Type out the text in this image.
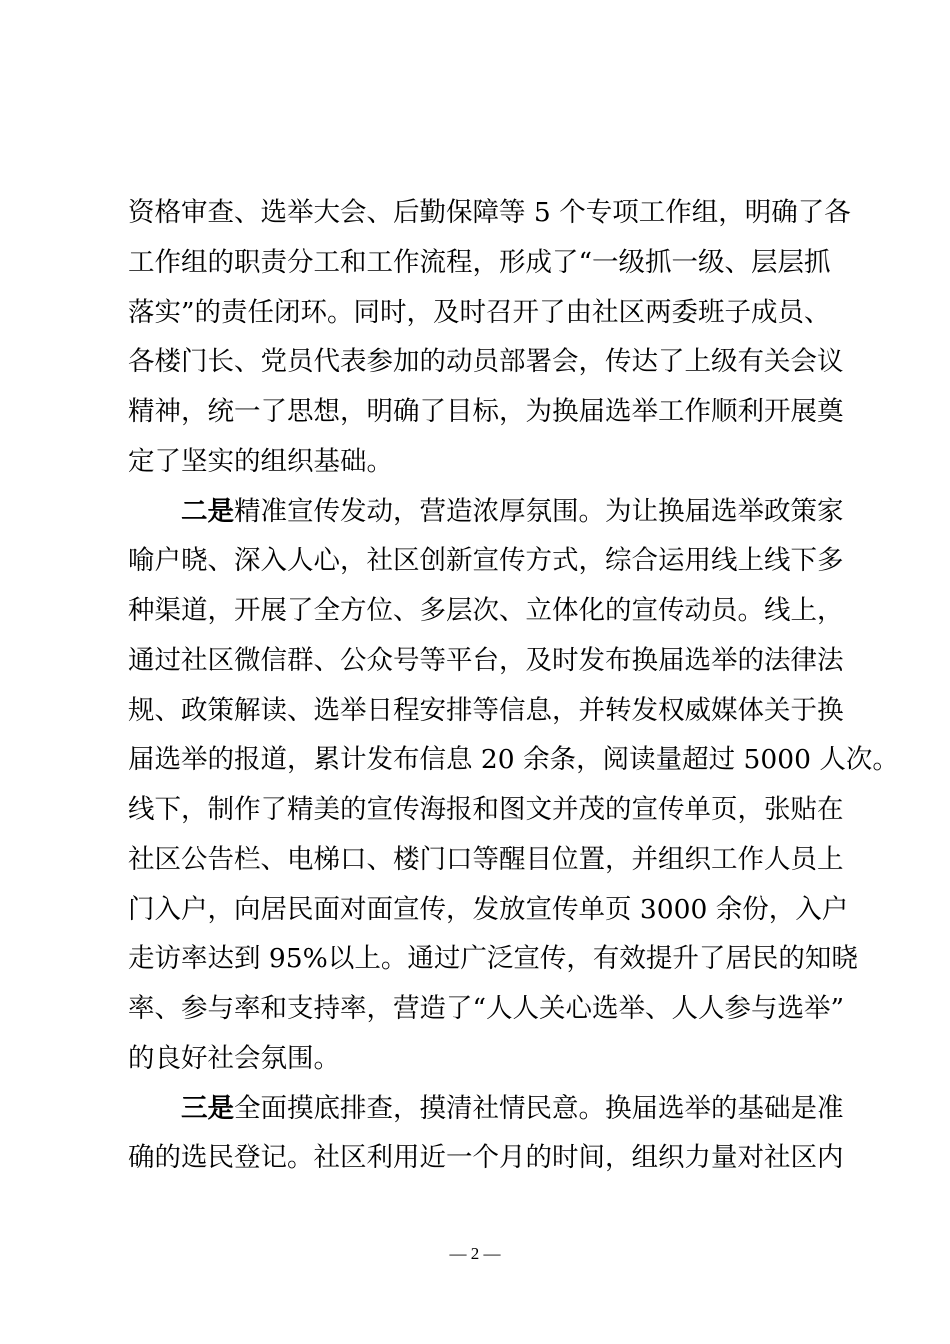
资格审查、选举大会、后勤保障等 5 个专项工作组，明确了各
工作组的职责分工和工作流程，形成了“一级抓一级、层层抓
落实”的责任闭环。同时，及时召开了由社区两委班子成员、
各楼门长、党员代表参加的动员部署会，传达了上级有关会议
精神，统一了思想，明确了目标，为换届选举工作顺利开展奠
定了坚实的组织基础。
二是精准宣传发动，营造浓厚氛围。为让换届选举政策家
喻户晓、深入人心，社区创新宣传方式，综合运用线上线下多
种渠道，开展了全方位、多层次、立体化的宣传动员。线上，
通过社区微信群、公众号等平台，及时发布换届选举的法律法
规、政策解读、选举日程安排等信息，并转发权威媒体关于换
届选举的报道，累计发布信息 20 余条，阅读量超过 5000 人次。
线下，制作了精美的宣传海报和图文并茂的宣传单页，张贴在
社区公告栏、电梯口、楼门口等醒目位置，并组织工作人员上
门入户，向居民面对面宣传，发放宣传单页 3000 余份，入户
走访率达到 95%以上。通过广泛宣传，有效提升了居民的知晓
率、参与率和支持率，营造了“人人关心选举、人人参与选举”
的良好社会氛围。
三是全面摸底排查，摸清社情民意。换届选举的基础是准
确的选民登记。社区利用近一个月的时间，组织力量对社区内
— 2 —
